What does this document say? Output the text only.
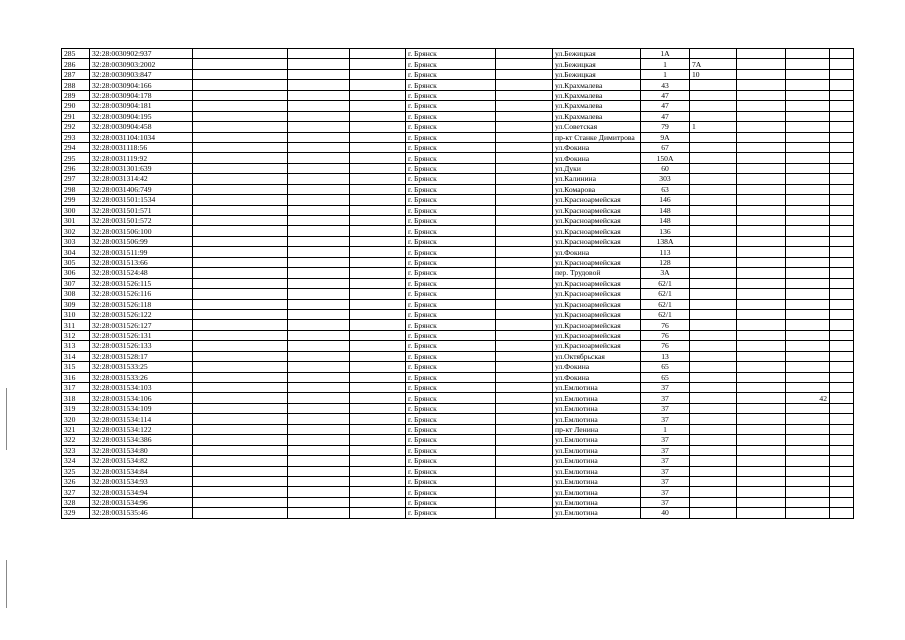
285	32:28:0030902:937				г. Брянск		ул.Бежицкая	1А				
286	32:28:0030903:2002				г. Брянск		ул.Бежицкая	1	7А			
287	32:28:0030903:847				г. Брянск		ул.Бежицкая	1	10			
288	32:28:0030904:166				г. Брянск		ул.Крахмалева	43				
289	32:28:0030904:178				г. Брянск		ул.Крахмалева	47				
290	32:28:0030904:181				г. Брянск		ул.Крахмалева	47				
291	32:28:0030904:195				г. Брянск		ул.Крахмалева	47				
292	32:28:0030904:458				г. Брянск		ул.Советская	79	1			
293	32:28:0031104:1034				г. Брянск		пр-кт Станке Димитрова	9А				
294	32:28:0031118:56				г. Брянск		ул.Фокина	67				
295	32:28:0031119:92				г. Брянск		ул.Фокина	150А				
296	32:28:0031301:639				г. Брянск		ул.Дуки	60				
297	32:28:0031314:42				г. Брянск		ул.Калинина	303				
298	32:28:0031406:749				г. Брянск		ул.Комарова	63				
299	32:28:0031501:1534				г. Брянск		ул.Красноармейская	146				
300	32:28:0031501:571				г. Брянск		ул.Красноармейская	148				
301	32:28:0031501:572				г. Брянск		ул.Красноармейская	148				
302	32:28:0031506:100				г. Брянск		ул.Красноармейская	136				
303	32:28:0031506:99				г. Брянск		ул.Красноармейская	138А				
304	32:28:0031511:99				г. Брянск		ул.Фокина	113				
305	32:28:0031513:66				г. Брянск		ул.Красноармейская	128				
306	32:28:0031524:48				г. Брянск		пер. Трудовой	3А				
307	32:28:0031526:115				г. Брянск		ул.Красноармейская	62/1				
308	32:28:0031526:116				г. Брянск		ул.Красноармейская	62/1				
309	32:28:0031526:118				г. Брянск		ул.Красноармейская	62/1				
310	32:28:0031526:122				г. Брянск		ул.Красноармейская	62/1				
311	32:28:0031526:127				г. Брянск		ул.Красноармейская	76				
312	32:28:0031526:131				г. Брянск		ул.Красноармейская	76				
313	32:28:0031526:133				г. Брянск		ул.Красноармейская	76				
314	32:28:0031528:17				г. Брянск		ул.Октябрьская	13				
315	32:28:0031533:25				г. Брянск		ул.Фокина	65				
316	32:28:0031533:26				г. Брянск		ул.Фокина	65				
317	32:28:0031534:103				г. Брянск		ул.Емлютина	37				
318	32:28:0031534:106				г. Брянск		ул.Емлютина	37			42	
319	32:28:0031534:109				г. Брянск		ул.Емлютина	37				
320	32:28:0031534:114				г. Брянск		ул.Емлютина	37				
321	32:28:0031534:122				г. Брянск		пр-кт Ленина	1				
322	32:28:0031534:386				г. Брянск		ул.Емлютина	37				
323	32:28:0031534:80				г. Брянск		ул.Емлютина	37				
324	32:28:0031534:82				г. Брянск		ул.Емлютина	37				
325	32:28:0031534:84				г. Брянск		ул.Емлютина	37				
326	32:28:0031534:93				г. Брянск		ул.Емлютина	37				
327	32:28:0031534:94				г. Брянск		ул.Емлютина	37				
328	32:28:0031534:96				г. Брянск		ул.Емлютина	37				
329	32:28:0031535:46				г. Брянск		ул.Емлютина	40				
